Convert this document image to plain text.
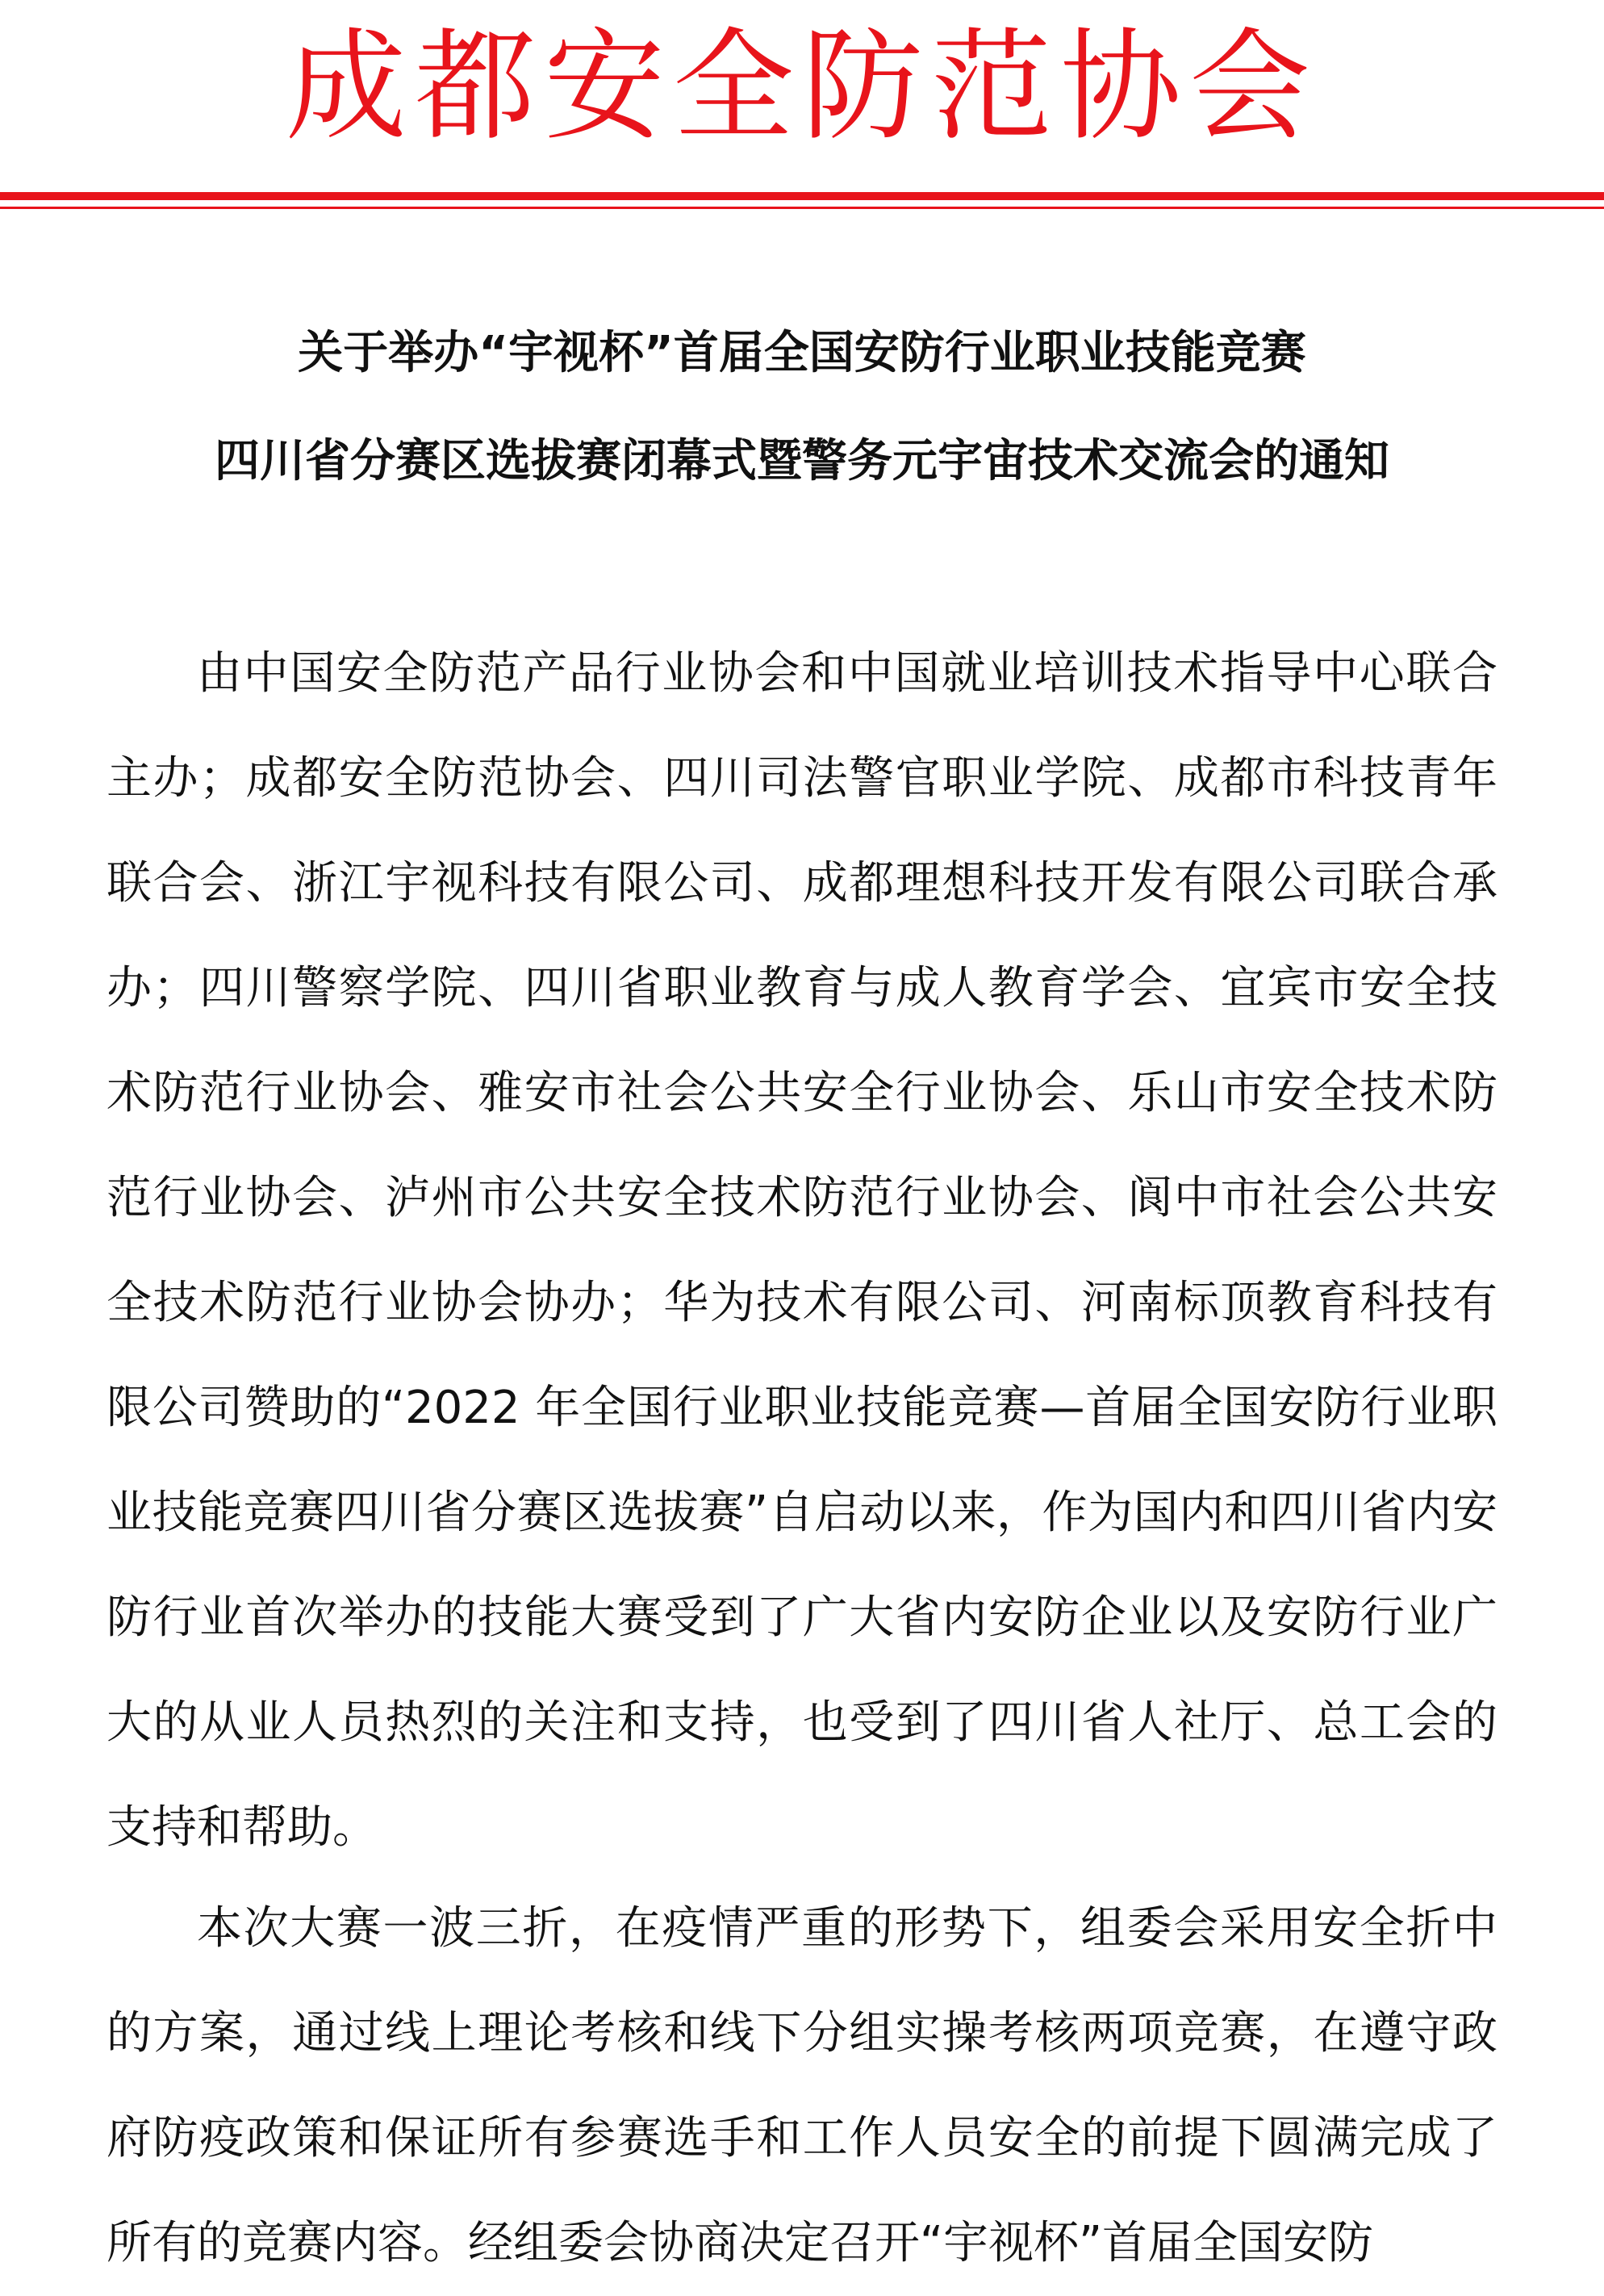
成都安全防范协会
关于举办“宇视杯”首届全国安防行业职业技能竞赛
四川省分赛区选拔赛闭幕式暨警务元宇宙技术交流会的通知

由中国安全防范产品行业协会和中国就业培训技术指导中心联合主办；成都安全防范协会、四川司法警官职业学院、成都市科技青年联合会、浙江宇视科技有限公司、成都理想科技开发有限公司联合承办；四川警察学院、四川省职业教育与成人教育学会、宜宾市安全技术防范行业协会、雅安市社会公共安全行业协会、乐山市安全技术防范行业协会、泸州市公共安全技术防范行业协会、阆中市社会公共安全技术防范行业协会协办；华为技术有限公司、河南标顶教育科技有限公司赞助的“2022 年全国行业职业技能竞赛—首届全国安防行业职业技能竞赛四川省分赛区选拔赛”自启动以来，作为国内和四川省内安防行业首次举办的技能大赛受到了广大省内安防企业以及安防行业广大的从业人员热烈的关注和支持，也受到了四川省人社厅、总工会的支持和帮助。

本次大赛一波三折，在疫情严重的形势下，组委会采用安全折中的方案，通过线上理论考核和线下分组实操考核两项竞赛，在遵守政府防疫政策和保证所有参赛选手和工作人员安全的前提下圆满完成了所有的竞赛内容。经组委会协商决定召开“宇视杯”首届全国安防
